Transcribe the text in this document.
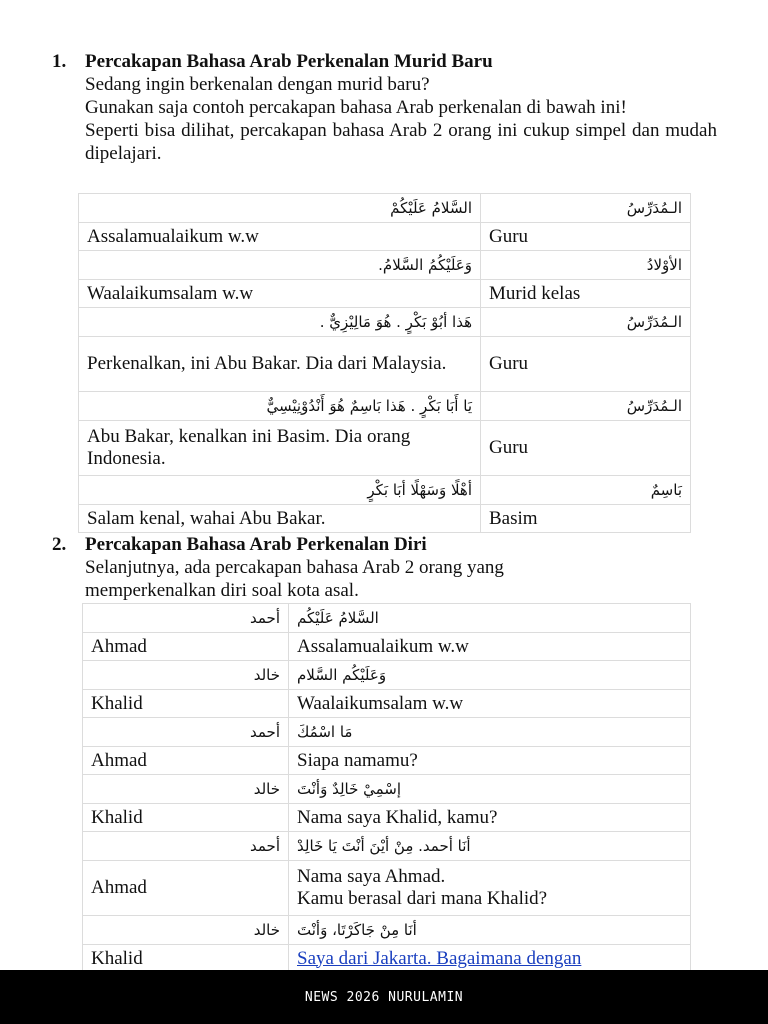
1. Percakapan Bahasa Arab Perkenalan Murid Baru
Sedang ingin berkenalan dengan murid baru?
Gunakan saja contoh percakapan bahasa Arab perkenalan di bawah ini!
Seperti bisa dilihat, percakapan bahasa Arab 2 orang ini cukup simpel dan mudah dipelajari.
السَّلامُ عَلَيْكُمْ	الـمُدَرِّسُ
Assalamualaikum w.w	Guru
وَعَلَيْكُمُ السَّلامُ.	الأوْلادُ
Waalaikumsalam w.w	Murid kelas
هَذا أبُوْ بَكْرٍ . هُوَ مَالِيْزِيٌّ .	الـمُدَرِّسُ
Perkenalkan, ini Abu Bakar. Dia dari Malaysia.	Guru
يَا أَبَا بَكْرٍ . هَذا بَاسِمٌ هُوَ أَنْدُوْنِيْسِيٌّ	الـمُدَرِّسُ
Abu Bakar, kenalkan ini Basim. Dia orang Indonesia.	Guru
أهْلًا وَسَهْلًا أبَا بَكْرٍ	بَاسِمٌ
Salam kenal, wahai Abu Bakar.	Basim
2. Percakapan Bahasa Arab Perkenalan Diri
Selanjutnya, ada percakapan bahasa Arab 2 orang yang memperkenalkan diri soal kota asal.
أحمد	السَّلامُ عَلَيْكُم
Ahmad	Assalamualaikum w.w
خالد	وَعَلَيْكُم السَّلام
Khalid	Waalaikumsalam w.w
أحمد	مَا اسْمُكَ
Ahmad	Siapa namamu?
خالد	إسْمِيْ خَالِدٌ وَأنْتَ
Khalid	Nama saya Khalid, kamu?
أحمد	أنَا أحمد. مِنْ أيْنَ أنْتَ يَا خَالِدْ
Ahmad	Nama saya Ahmad.
Kamu berasal dari mana Khalid?

خالد	أنَا مِنْ جَاكَرْتَا، وَأنْتَ
Khalid	Saya dari Jakarta. Bagaimana dengan
NEWS 2026 NURULAMIN
